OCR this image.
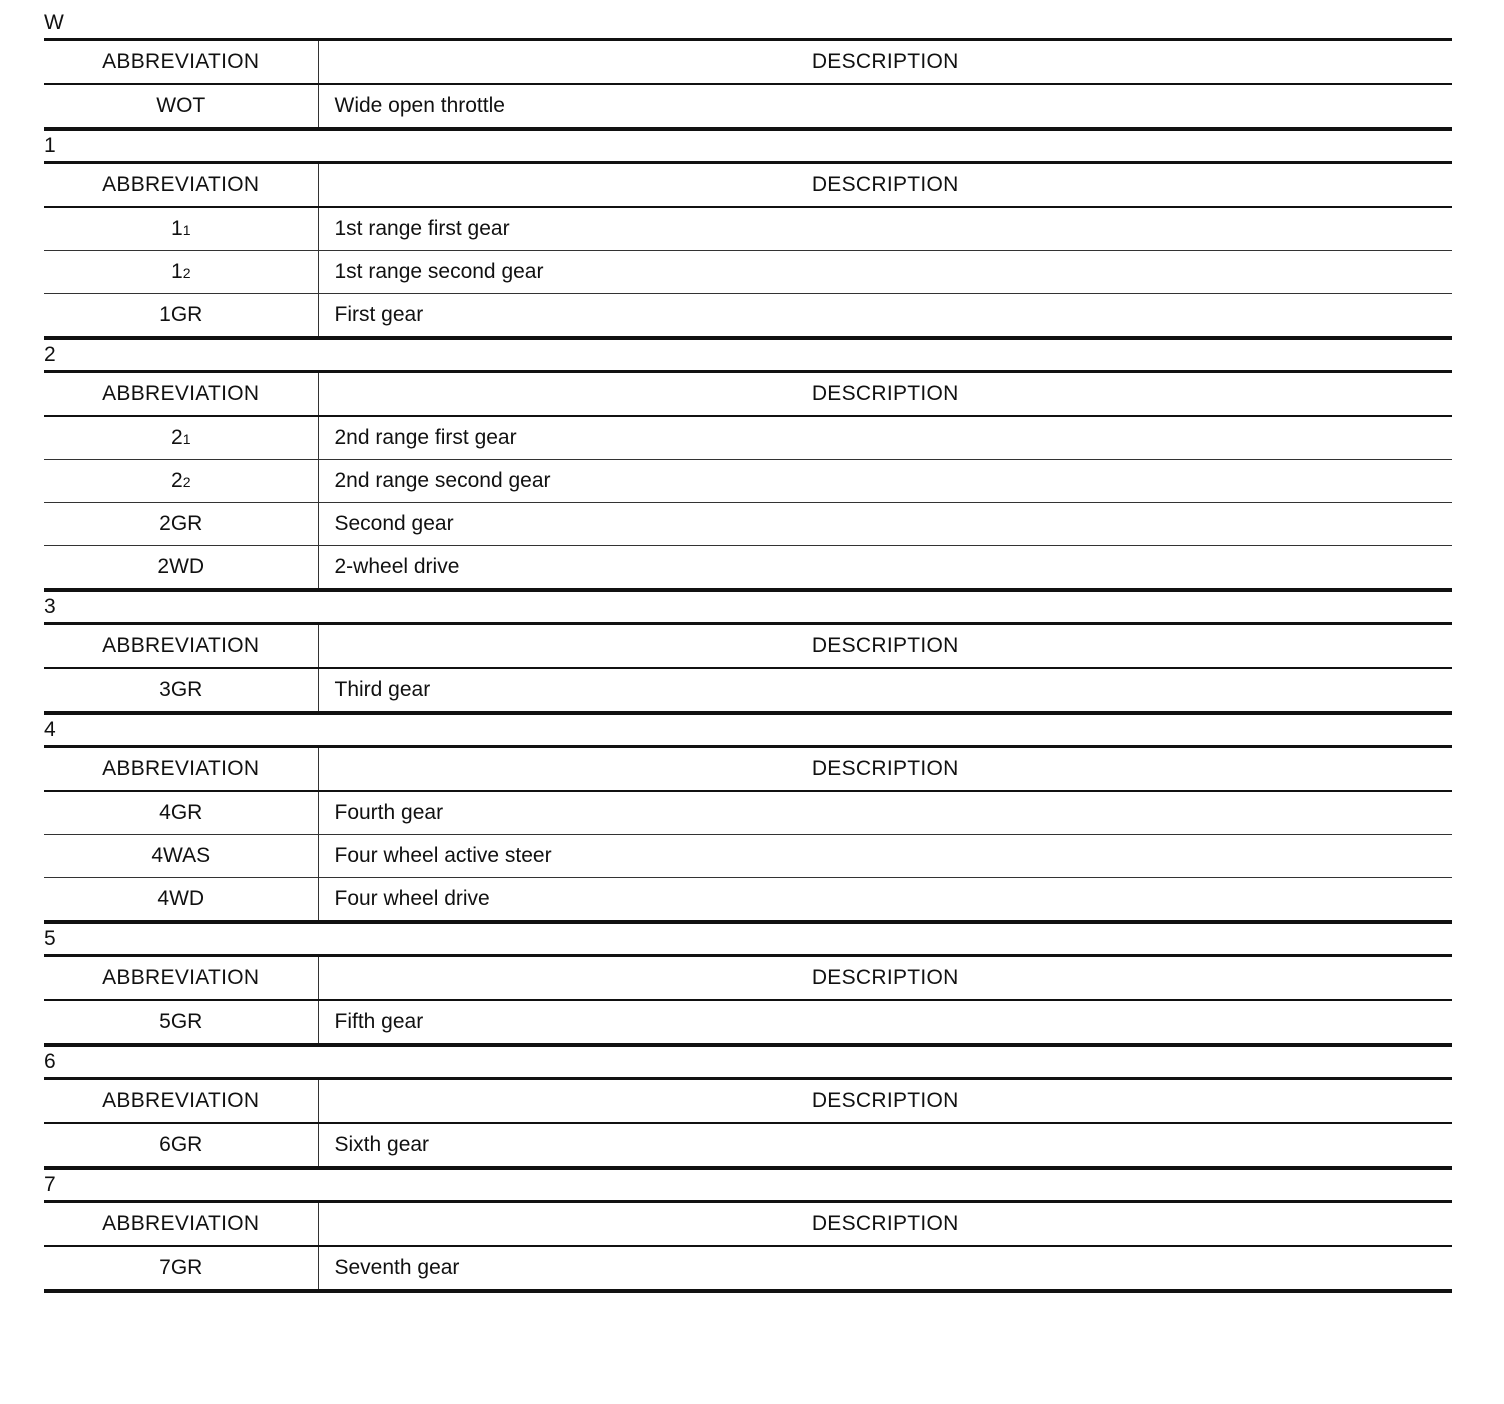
W
ABBREVIATION	DESCRIPTION
WOT	Wide open throttle
1
ABBREVIATION	DESCRIPTION
11	1st range first gear
12	1st range second gear
1GR	First gear
2
ABBREVIATION	DESCRIPTION
21	2nd range first gear
22	2nd range second gear
2GR	Second gear
2WD	2-wheel drive
3
ABBREVIATION	DESCRIPTION
3GR	Third gear
4
ABBREVIATION	DESCRIPTION
4GR	Fourth gear
4WAS	Four wheel active steer
4WD	Four wheel drive
5
ABBREVIATION	DESCRIPTION
5GR	Fifth gear
6
ABBREVIATION	DESCRIPTION
6GR	Sixth gear
7
ABBREVIATION	DESCRIPTION
7GR	Seventh gear
